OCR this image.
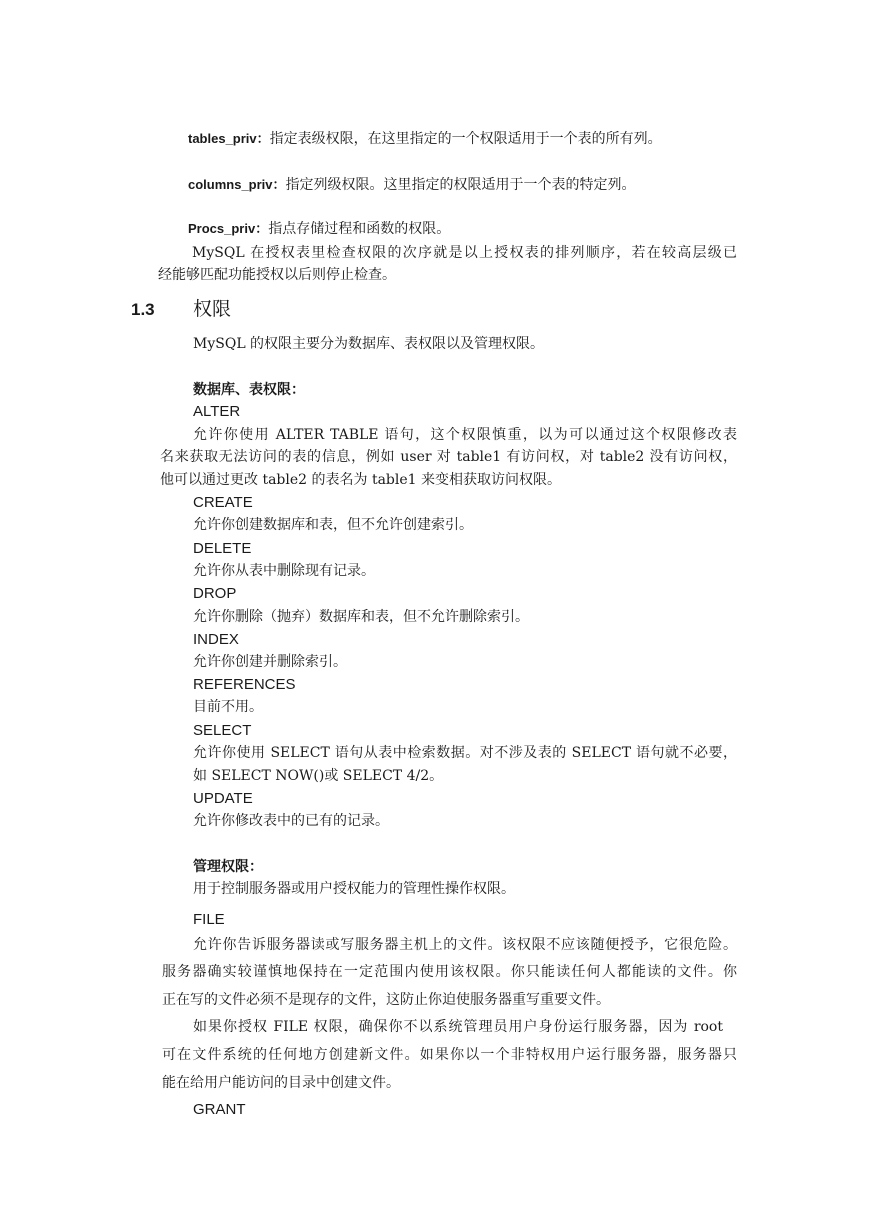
tables_priv：指定表级权限，在这里指定的一个权限适用于一个表的所有列。
columns_priv：指定列级权限。这里指定的权限适用于一个表的特定列。
Procs_priv：指点存储过程和函数的权限。
MySQL 在授权表里检查权限的次序就是以上授权表的排列顺序，若在较高层级已
经能够匹配功能授权以后则停止检查。
1.3 权限
MySQL 的权限主要分为数据库、表权限以及管理权限。
数据库、表权限：
ALTER
允许你使用 ALTER TABLE 语句，这个权限慎重，以为可以通过这个权限修改表
名来获取无法访问的表的信息，例如 user 对 table1 有访问权，对 table2 没有访问权，
他可以通过更改 table2 的表名为 table1 来变相获取访问权限。
CREATE
允许你创建数据库和表，但不允许创建索引。
DELETE
允许你从表中删除现有记录。
DROP
允许你删除（抛弃）数据库和表，但不允许删除索引。
INDEX
允许你创建并删除索引。
REFERENCES
目前不用。
SELECT
允许你使用 SELECT 语句从表中检索数据。对不涉及表的 SELECT 语句就不必要，
如 SELECT NOW()或 SELECT 4/2。
UPDATE
允许你修改表中的已有的记录。
管理权限：
用于控制服务器或用户授权能力的管理性操作权限。
FILE
允许你告诉服务器读或写服务器主机上的文件。该权限不应该随便授予，它很危险。
服务器确实较谨慎地保持在一定范围内使用该权限。你只能读任何人都能读的文件。你
正在写的文件必须不是现存的文件，这防止你迫使服务器重写重要文件。
如果你授权 FILE 权限，确保你不以系统管理员用户身份运行服务器，因为 root
可在文件系统的任何地方创建新文件。如果你以一个非特权用户运行服务器，服务器只
能在给用户能访问的目录中创建文件。
GRANT
